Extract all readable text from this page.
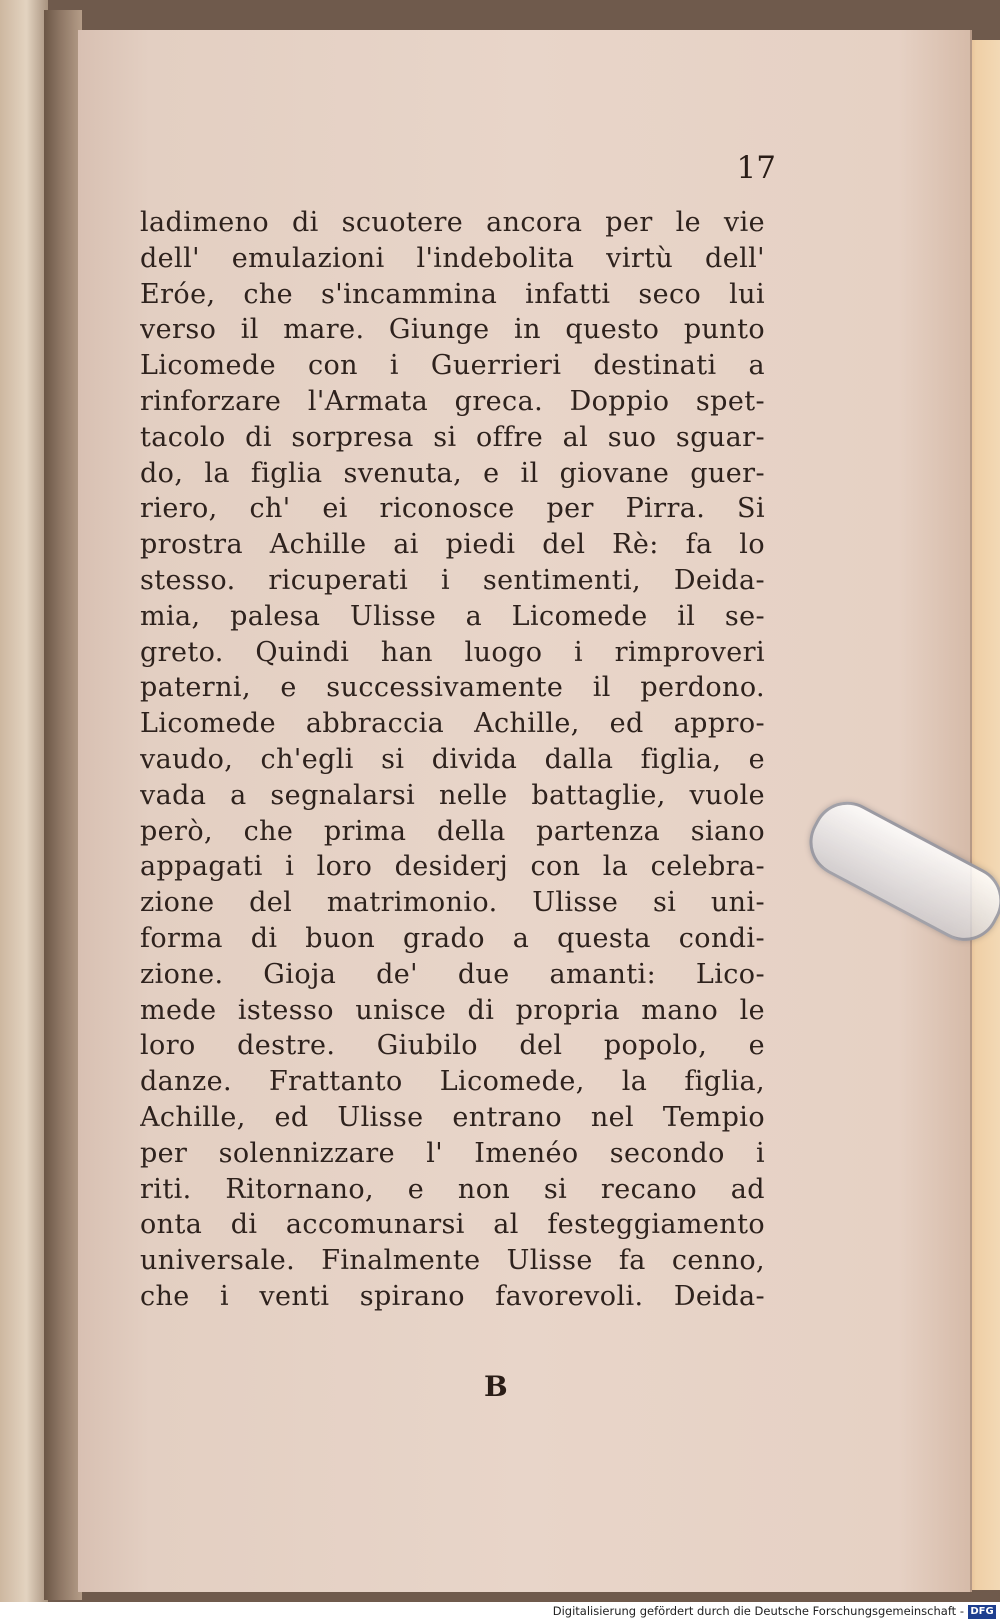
17
ladimeno di scuotere ancora per le vie
dell' emulazioni l'indebolita virtù dell'
Eróe, che s'incammina infatti seco lui
verso il mare. Giunge in questo punto
Licomede con i Guerrieri destinati a
rinforzare l'Armata greca. Doppio spet-
tacolo di sorpresa si offre al suo sguar-
do, la figlia svenuta, e il giovane guer-
riero, ch' ei riconosce per Pirra. Si
prostra Achille ai piedi del Rè: fa lo
stesso. ricuperati i sentimenti, Deida-
mia, palesa Ulisse a Licomede il se-
greto. Quindi han luogo i rimproveri
paterni, e successivamente il perdono.
Licomede abbraccia Achille, ed appro-
vaudo, ch'egli si divida dalla figlia, e
vada a segnalarsi nelle battaglie, vuole
però, che prima della partenza siano
appagati i loro desiderj con la celebra-
zione del matrimonio. Ulisse si uni-
forma di buon grado a questa condi-
zione. Gioja de' due amanti: Lico-
mede istesso unisce di propria mano le
loro destre. Giubilo del popolo, e
danze. Frattanto Licomede, la figlia,
Achille, ed Ulisse entrano nel Tempio
per solennizzare l' Imenéo secondo i
riti. Ritornano, e non si recano ad
onta di accomunarsi al festeggiamento
universale. Finalmente Ulisse fa cenno,
che i venti spirano favorevoli. Deida-
B
Digitalisierung gefördert durch die Deutsche Forschungsgemeinschaft - DFG
